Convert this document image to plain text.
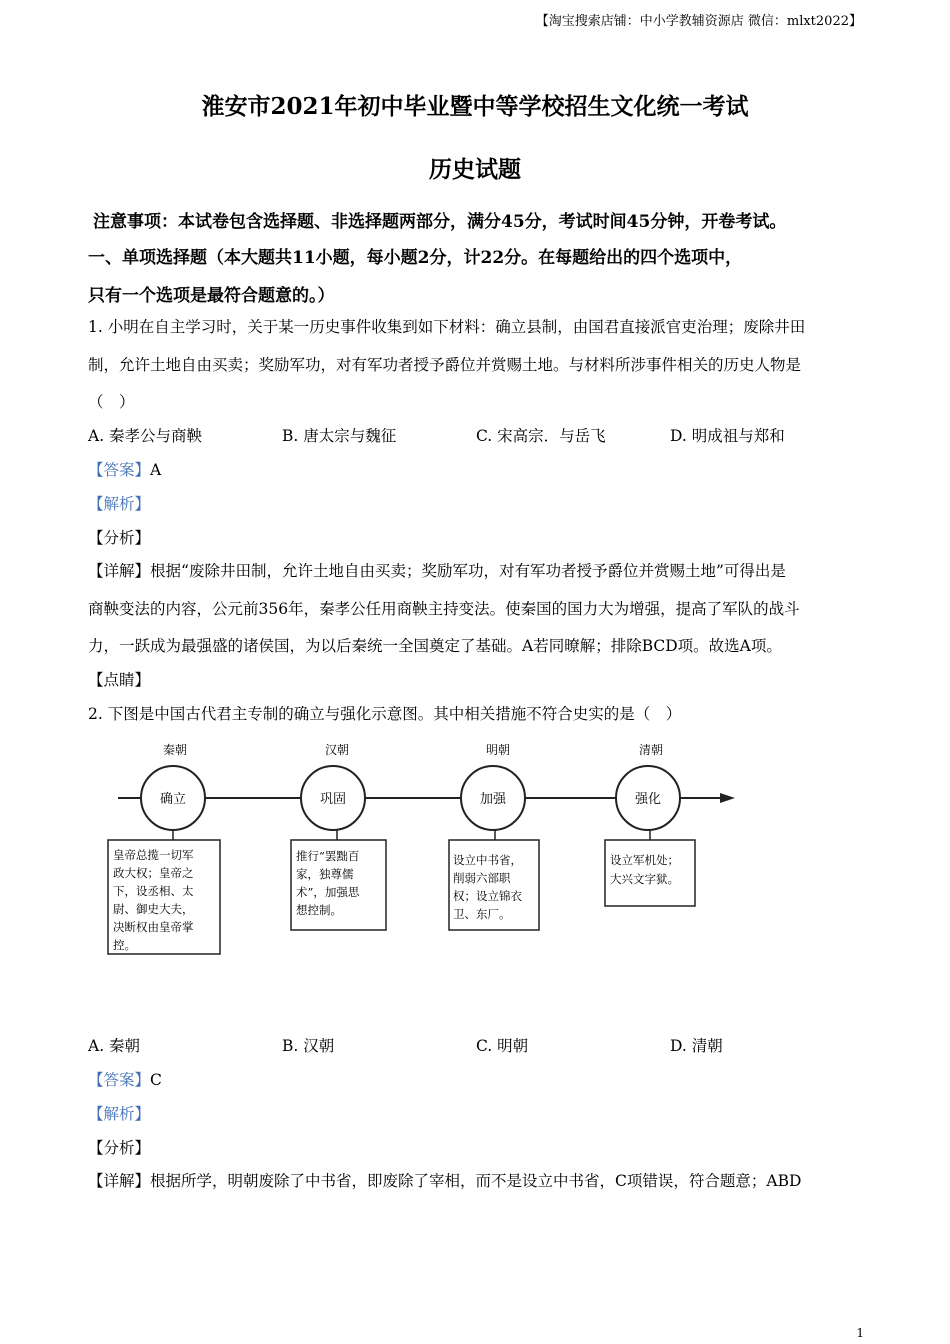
【淘宝搜索店铺：中小学教辅资源店 微信：mlxt2022】
淮安市2021年初中毕业暨中等学校招生文化统一考试
历史试题
注意事项：本试卷包含选择题、非选择题两部分，满分45分，考试时间45分钟，开卷考试。
一、单项选择题（本大题共11小题，每小题2分，计22分。在每题给出的四个选项中，
只有一个选项是最符合题意的。）
1. 小明在自主学习时，关于某一历史事件收集到如下材料：确立县制，由国君直接派官吏治理；废除井田
制，允许土地自由买卖；奖励军功，对有军功者授予爵位并赏赐土地。与材料所涉事件相关的历史人物是
（　）
A. 秦孝公与商鞅	B. 唐太宗与魏征	C. 宋高宗．与岳飞	D. 明成祖与郑和
【答案】A
【解析】
【分析】
【详解】根据“废除井田制，允许土地自由买卖；奖励军功，对有军功者授予爵位并赏赐土地”可得出是
商鞅变法的内容，公元前356年，秦孝公任用商鞅主持变法。使秦国的国力大为增强，提高了军队的战斗
力，一跃成为最强盛的诸侯国，为以后秦统一全国奠定了基础。A若同暸解；排除BCD项。故选A项。
【点睛】
2. 下图是中国古代君主专制的确立与强化示意图。其中相关措施不符合史实的是（　）
秦朝
确立
皇帝总揽一切军
政大权；皇帝之
下，设丞相、太
尉、御史大夫，
决断权由皇帝掌
控。
汉朝
巩固
推行“罢黜百
家，独尊儒
术”，加强思
想控制。
明朝
加强
设立中书省，
削弱六部职
权；设立锦衣
卫、东厂。
清朝
强化
设立军机处；
大兴文字狱。
A. 秦朝	B. 汉朝	C. 明朝	D. 清朝
【答案】C
【解析】
【分析】
【详解】根据所学，明朝废除了中书省，即废除了宰相，而不是设立中书省，C项错误，符合题意；ABD
1
